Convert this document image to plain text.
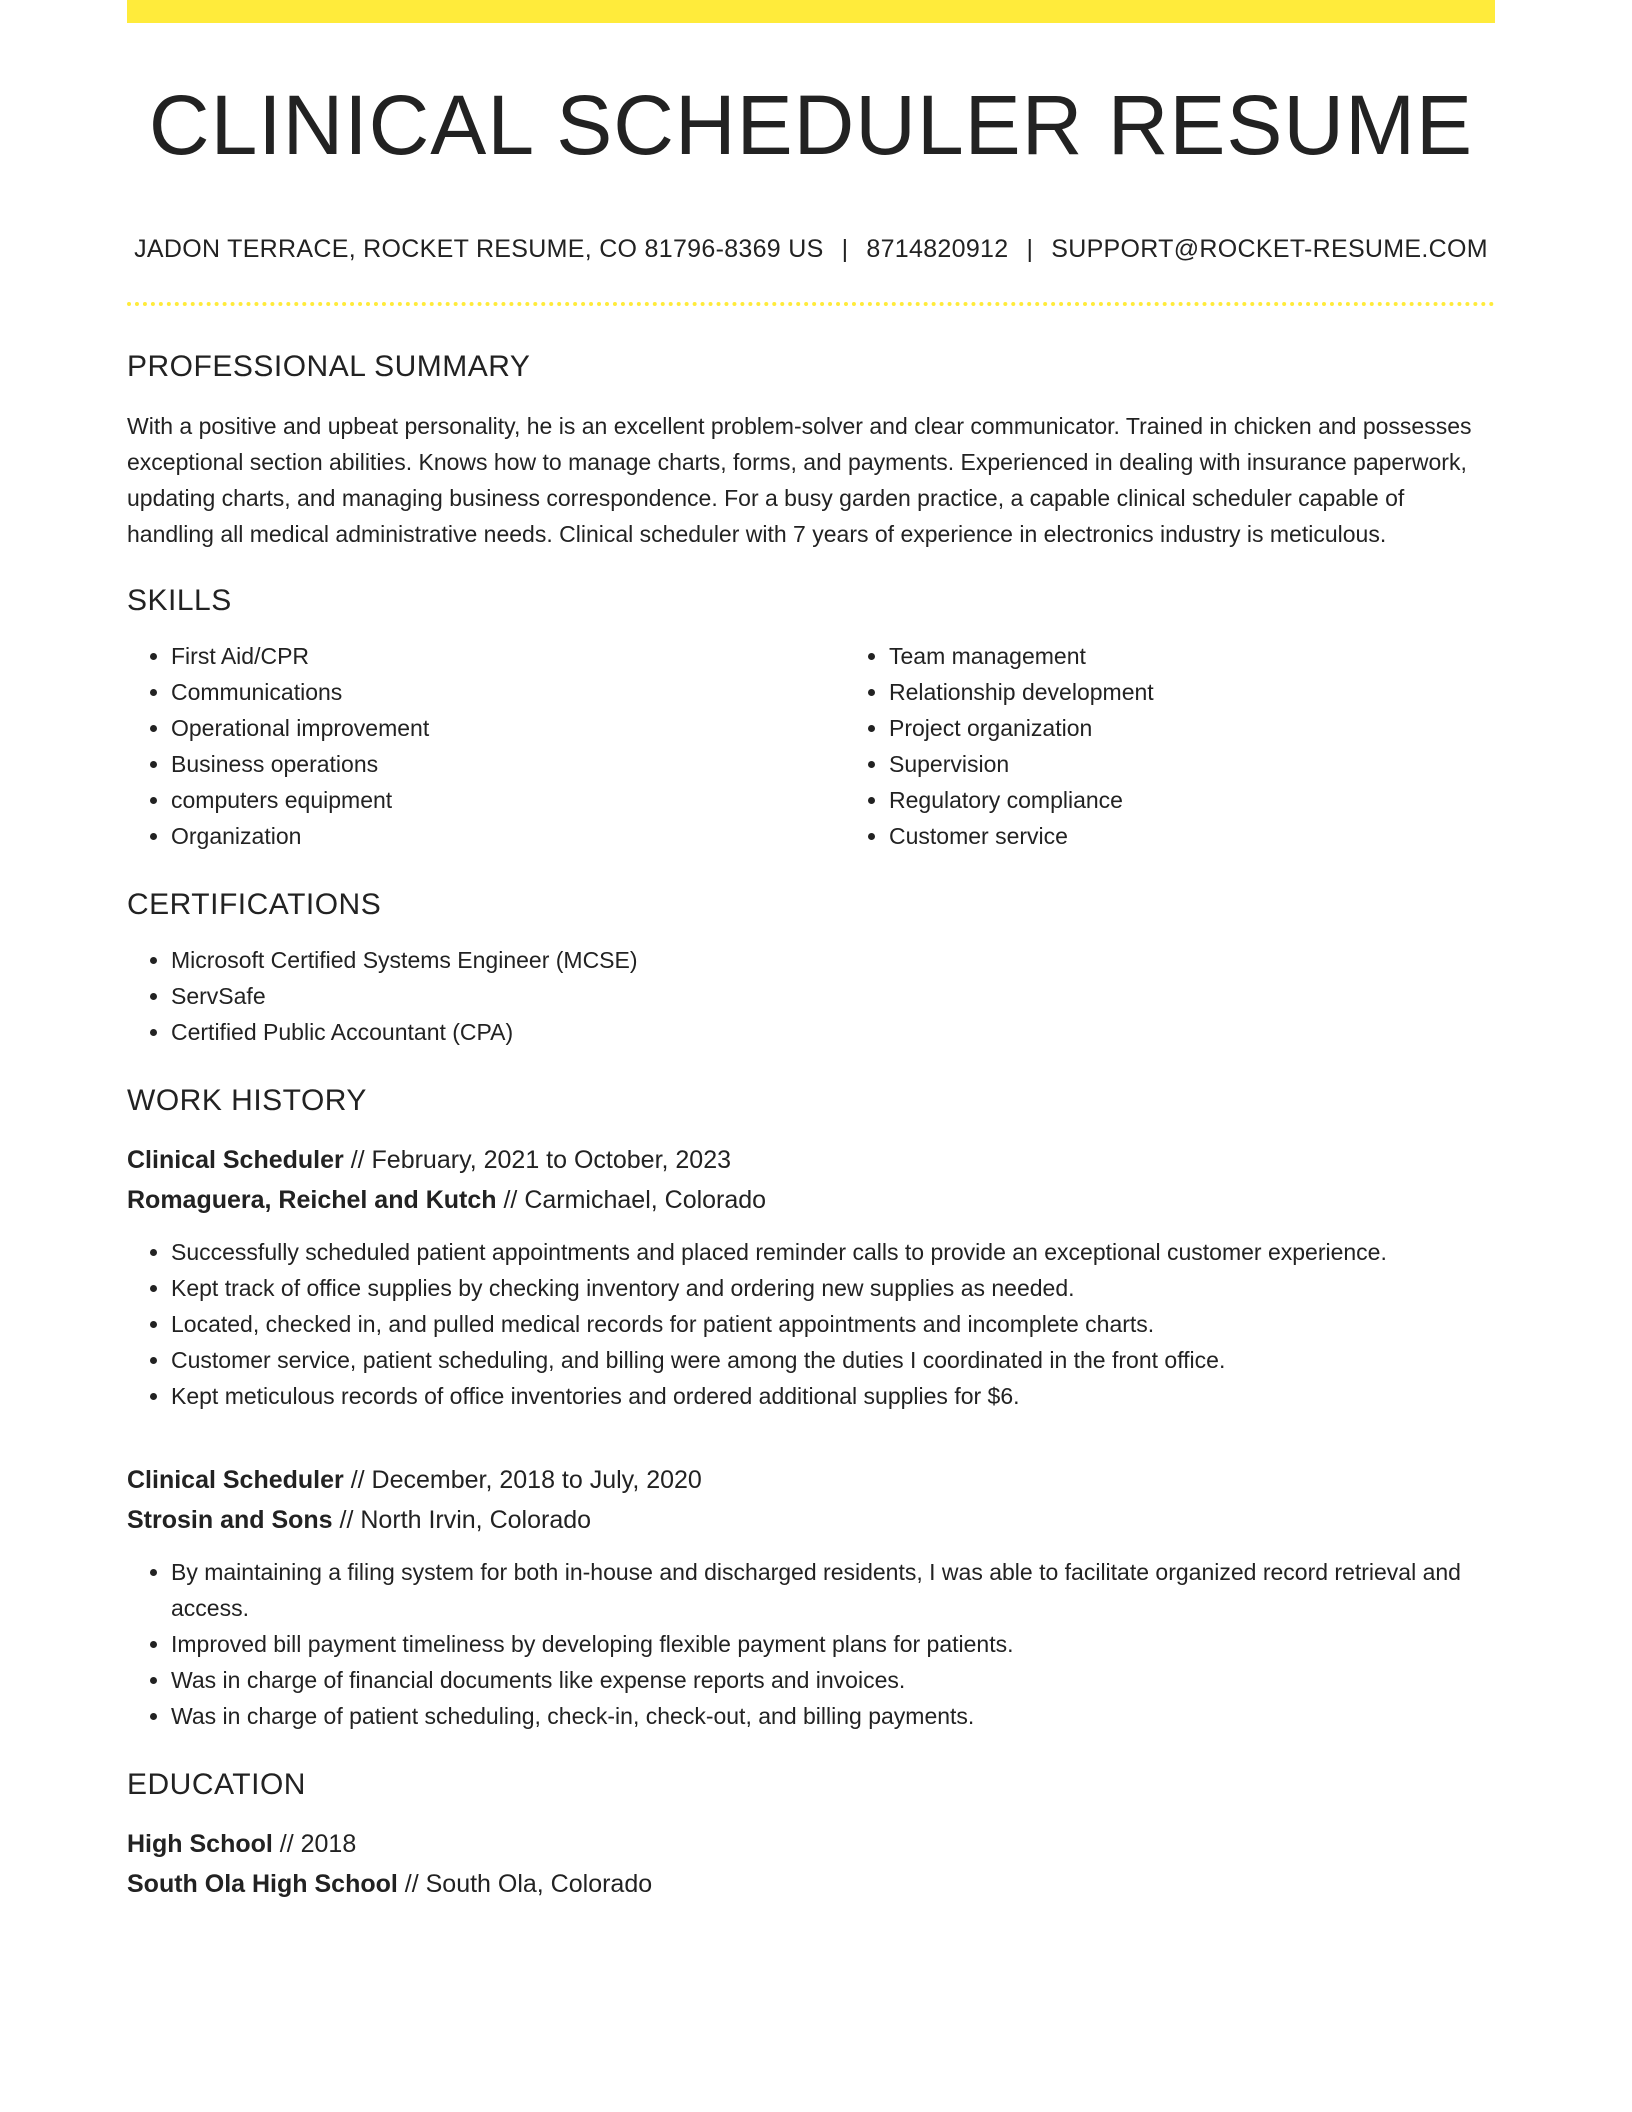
CLINICAL SCHEDULER RESUME
JADON TERRACE, ROCKET RESUME, CO 81796-8369 US | 8714820912 | SUPPORT@ROCKET-RESUME.COM
PROFESSIONAL SUMMARY
With a positive and upbeat personality, he is an excellent problem-solver and clear communicator. Trained in chicken and possesses exceptional section abilities. Knows how to manage charts, forms, and payments. Experienced in dealing with insurance paperwork, updating charts, and managing business correspondence. For a busy garden practice, a capable clinical scheduler capable of handling all medical administrative needs. Clinical scheduler with 7 years of experience in electronics industry is meticulous.
SKILLS
• First Aid/CPR
• Communications
• Operational improvement
• Business operations
• computers equipment
• Organization
• Team management
• Relationship development
• Project organization
• Supervision
• Regulatory compliance
• Customer service
CERTIFICATIONS
• Microsoft Certified Systems Engineer (MCSE)
• ServSafe
• Certified Public Accountant (CPA)
WORK HISTORY
Clinical Scheduler // February, 2021 to October, 2023
Romaguera, Reichel and Kutch // Carmichael, Colorado
• Successfully scheduled patient appointments and placed reminder calls to provide an exceptional customer experience.
• Kept track of office supplies by checking inventory and ordering new supplies as needed.
• Located, checked in, and pulled medical records for patient appointments and incomplete charts.
• Customer service, patient scheduling, and billing were among the duties I coordinated in the front office.
• Kept meticulous records of office inventories and ordered additional supplies for $6.
Clinical Scheduler // December, 2018 to July, 2020
Strosin and Sons // North Irvin, Colorado
• By maintaining a filing system for both in-house and discharged residents, I was able to facilitate organized record retrieval and access.
• Improved bill payment timeliness by developing flexible payment plans for patients.
• Was in charge of financial documents like expense reports and invoices.
• Was in charge of patient scheduling, check-in, check-out, and billing payments.
EDUCATION
High School // 2018
South Ola High School // South Ola, Colorado
